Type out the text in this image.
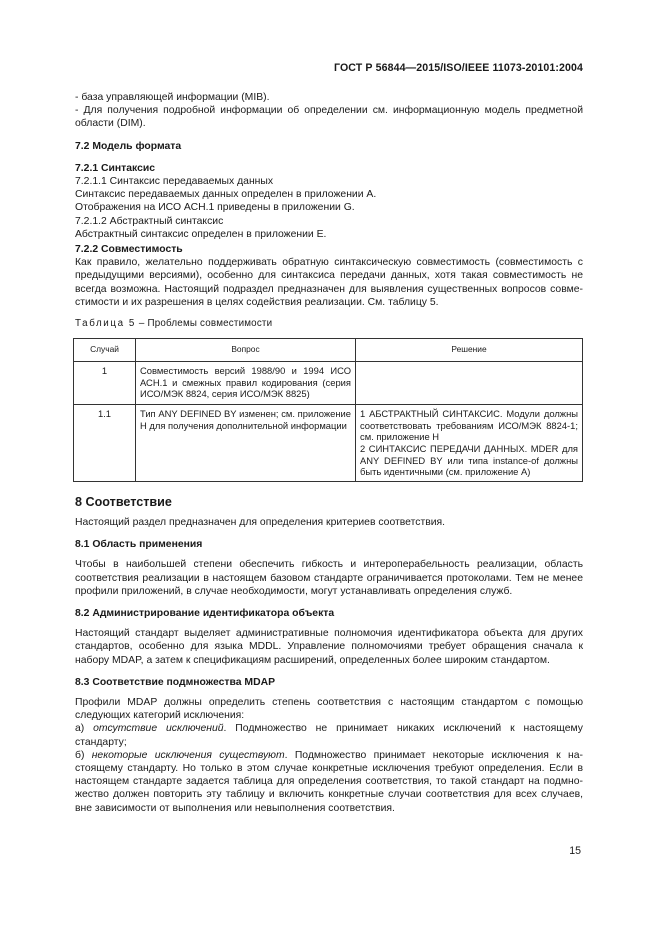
ГОСТ Р 56844—2015/ISO/IEEE 11073-20101:2004

- база управляющей информации (MIB).

- Для получения подробной информации об определении см. информационную модель предметной области (DIM).

7.2 Модель формата

7.2.1 Синтаксис

7.2.1.1 Синтаксис передаваемых данных

Синтаксис передаваемых данных определен в приложении А.

Отображения на ИСО АСН.1 приведены в приложении G.

7.2.1.2 Абстрактный синтаксис

Абстрактный синтаксис определен в приложении Е.

7.2.2 Совместимость

Как правило, желательно поддерживать обратную синтаксическую совместимость (совместимость с предыдущими версиями), особенно для синтаксиса передачи данных, хотя такая совместимость не всегда возможна. Настоящий подраздел предназначен для выявления существенных вопросов совместимости и их разрешения в целях содействия реализации. См. таблицу 5.

Таблица 5 – Проблемы совместимости

Случай	Вопрос	Решение
1	Совместимость версий 1988/90 и 1994 ИСО АСН.1 и смежных правил кодирования (серия ИСО/МЭК 8824, серия ИСО/МЭК 8825)	
1.1	Тип ANY DEFINED BY изменен; см. приложение Н для получения дополнительной информации	1 АБСТРАКТНЫЙ СИНТАКСИС. Модули должны соответствовать требованиям ИСО/МЭК 8824-1; см. приложение Н
2 СИНТАКСИС ПЕРЕДАЧИ ДАННЫХ. MDER для ANY DEFINED BY или типа instance-of должны быть идентичными (см. приложение А)

8 Соответствие

Настоящий раздел предназначен для определения критериев соответствия.

8.1 Область применения

Чтобы в наибольшей степени обеспечить гибкость и интероперабельность реализации, область соответствия реализации в настоящем базовом стандарте ограничивается протоколами. Тем не менее профили приложений, в случае необходимости, могут устанавливать определения служб.

8.2 Администрирование идентификатора объекта

Настоящий стандарт выделяет административные полномочия идентификатора объекта для других стандартов, особенно для языка MDDL. Управление полномочиями требует обращения сначала к набору MDAP, а затем к спецификациям расширений, определенных более широким стандартом.

8.3 Соответствие подмножества MDAP

Профили MDAP должны определить степень соответствия с настоящим стандартом с помощью следующих категорий исключения:

а) отсутствие исключений. Подмножество не принимает никаких исключений к настоящему стандарту;

б) некоторые исключения существуют. Подмножество принимает некоторые исключения к настоящему стандарту. Но только в этом случае конкретные исключения требуют определения. Если в настоящем стандарте задается таблица для определения соответствия, то такой стандарт на подмножество должен повторить эту таблицу и включить конкретные случаи соответствия для всех случаев, вне зависимости от выполнения или невыполнения соответствия.

15
